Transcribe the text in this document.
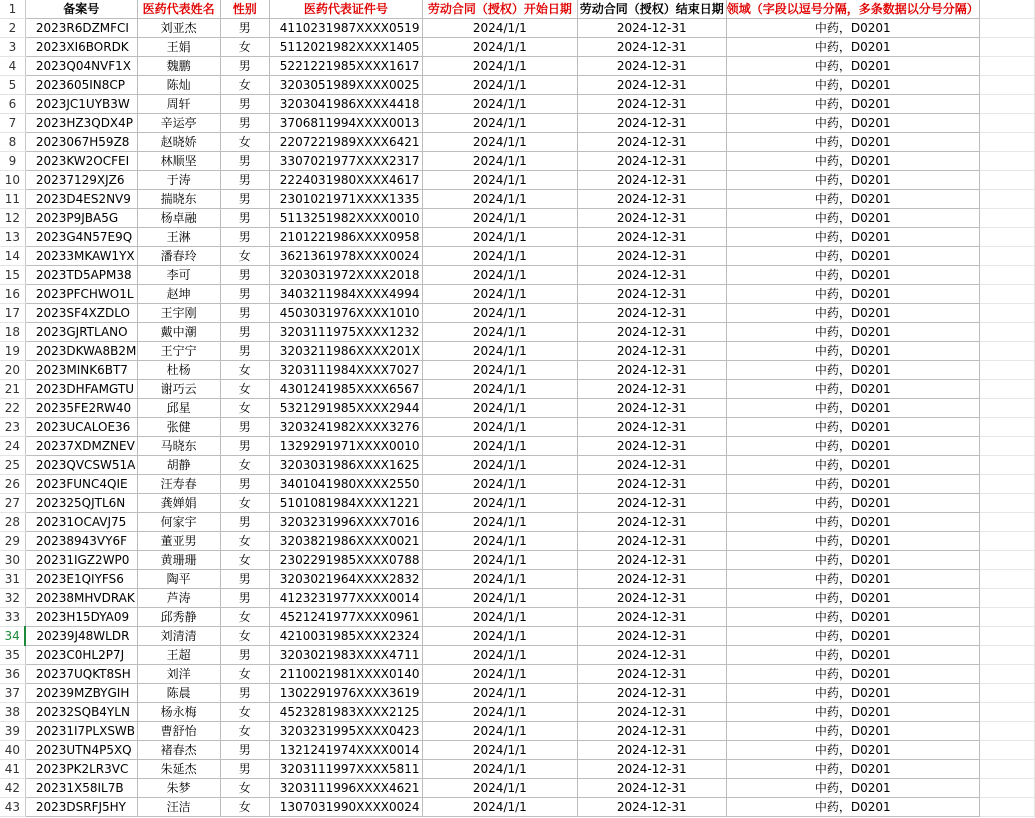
1	备案号	医药代表姓名	性别	医药代表证件号	劳动合同（授权）开始日期	劳动合同（授权）结束日期	领域（字段以逗号分隔，多条数据以分号分隔）	
2	2023R6DZMFCI	刘亚杰	男	4110231987XXXX0519	2024/1/1	2024-12-31	中药，D0201	
3	2023XI6BORDK	王娟	女	5112021982XXXX1405	2024/1/1	2024-12-31	中药，D0201	
4	2023Q04NVF1X	魏鹏	男	5221221985XXXX1617	2024/1/1	2024-12-31	中药，D0201	
5	2023605IN8CP	陈灿	女	3203051989XXXX0025	2024/1/1	2024-12-31	中药，D0201	
6	2023JC1UYB3W	周轩	男	3203041986XXXX4418	2024/1/1	2024-12-31	中药，D0201	
7	2023HZ3QDX4P	辛运亭	男	3706811994XXXX0013	2024/1/1	2024-12-31	中药，D0201	
8	2023067H59Z8	赵晓娇	女	2207221989XXXX6421	2024/1/1	2024-12-31	中药，D0201	
9	2023KW2OCFEI	林顺坚	男	3307021977XXXX2317	2024/1/1	2024-12-31	中药，D0201	
10	20237129XJZ6	于涛	男	2224031980XXXX4617	2024/1/1	2024-12-31	中药，D0201	
11	2023D4ES2NV9	揣晓东	男	2301021971XXXX1335	2024/1/1	2024-12-31	中药，D0201	
12	2023P9JBA5G	杨卓融	男	5113251982XXXX0010	2024/1/1	2024-12-31	中药，D0201	
13	2023G4N57E9Q	王淋	男	2101221986XXXX0958	2024/1/1	2024-12-31	中药，D0201	
14	20233MKAW1YX	潘春玲	女	3621361978XXXX0024	2024/1/1	2024-12-31	中药，D0201	
15	2023TD5APM38	李可	男	3203031972XXXX2018	2024/1/1	2024-12-31	中药，D0201	
16	2023PFCHWO1L	赵坤	男	3403211984XXXX4994	2024/1/1	2024-12-31	中药，D0201	
17	2023SF4XZDLO	王宇刚	男	4503031976XXXX1010	2024/1/1	2024-12-31	中药，D0201	
18	2023GJRTLANO	戴中潮	男	3203111975XXXX1232	2024/1/1	2024-12-31	中药，D0201	
19	2023DKWA8B2M	王宁宁	男	3203211986XXXX201X	2024/1/1	2024-12-31	中药，D0201	
20	2023MINK6BT7	杜杨	女	3203111984XXXX7027	2024/1/1	2024-12-31	中药，D0201	
21	2023DHFAMGTU	谢巧云	女	4301241985XXXX6567	2024/1/1	2024-12-31	中药，D0201	
22	20235FE2RW40	邱星	女	5321291985XXXX2944	2024/1/1	2024-12-31	中药，D0201	
23	2023UCALOE36	张健	男	3203241982XXXX3276	2024/1/1	2024-12-31	中药，D0201	
24	20237XDMZNEV	马晓东	男	1329291971XXXX0010	2024/1/1	2024-12-31	中药，D0201	
25	2023QVCSW51A	胡静	女	3203031986XXXX1625	2024/1/1	2024-12-31	中药，D0201	
26	2023FUNC4QIE	汪寿春	男	3401041980XXXX2550	2024/1/1	2024-12-31	中药，D0201	
27	202325QJTL6N	龚婵娟	女	5101081984XXXX1221	2024/1/1	2024-12-31	中药，D0201	
28	20231OCAVJ75	何家宇	男	3203231996XXXX7016	2024/1/1	2024-12-31	中药，D0201	
29	20238943VY6F	董亚男	女	3203821986XXXX0021	2024/1/1	2024-12-31	中药，D0201	
30	20231IGZ2WP0	黄珊珊	女	2302291985XXXX0788	2024/1/1	2024-12-31	中药，D0201	
31	2023E1QIYFS6	陶平	男	3203021964XXXX2832	2024/1/1	2024-12-31	中药，D0201	
32	20238MHVDRAK	芦涛	男	4123231977XXXX0014	2024/1/1	2024-12-31	中药，D0201	
33	2023H15DYA09	邱秀静	女	4521241977XXXX0961	2024/1/1	2024-12-31	中药，D0201	
34	20239J48WLDR	刘清清	女	4210031985XXXX2324	2024/1/1	2024-12-31	中药，D0201	
35	2023C0HL2P7J	王超	男	3203021983XXXX4711	2024/1/1	2024-12-31	中药，D0201	
36	20237UQKT8SH	刘洋	女	2110021981XXXX0140	2024/1/1	2024-12-31	中药，D0201	
37	20239MZBYGIH	陈晨	男	1302291976XXXX3619	2024/1/1	2024-12-31	中药，D0201	
38	20232SQB4YLN	杨永梅	女	4523281983XXXX2125	2024/1/1	2024-12-31	中药，D0201	
39	20231I7PLXSWB	曹舒怡	女	3203231995XXXX0423	2024/1/1	2024-12-31	中药，D0201	
40	2023UTN4P5XQ	褚春杰	男	1321241974XXXX0014	2024/1/1	2024-12-31	中药，D0201	
41	2023PK2LR3VC	朱延杰	男	3203111997XXXX5811	2024/1/1	2024-12-31	中药，D0201	
42	20231X58IL7B	朱梦	女	3203111996XXXX4621	2024/1/1	2024-12-31	中药，D0201	
43	2023DSRFJ5HY	汪洁	女	1307031990XXXX0024	2024/1/1	2024-12-31	中药，D0201	
